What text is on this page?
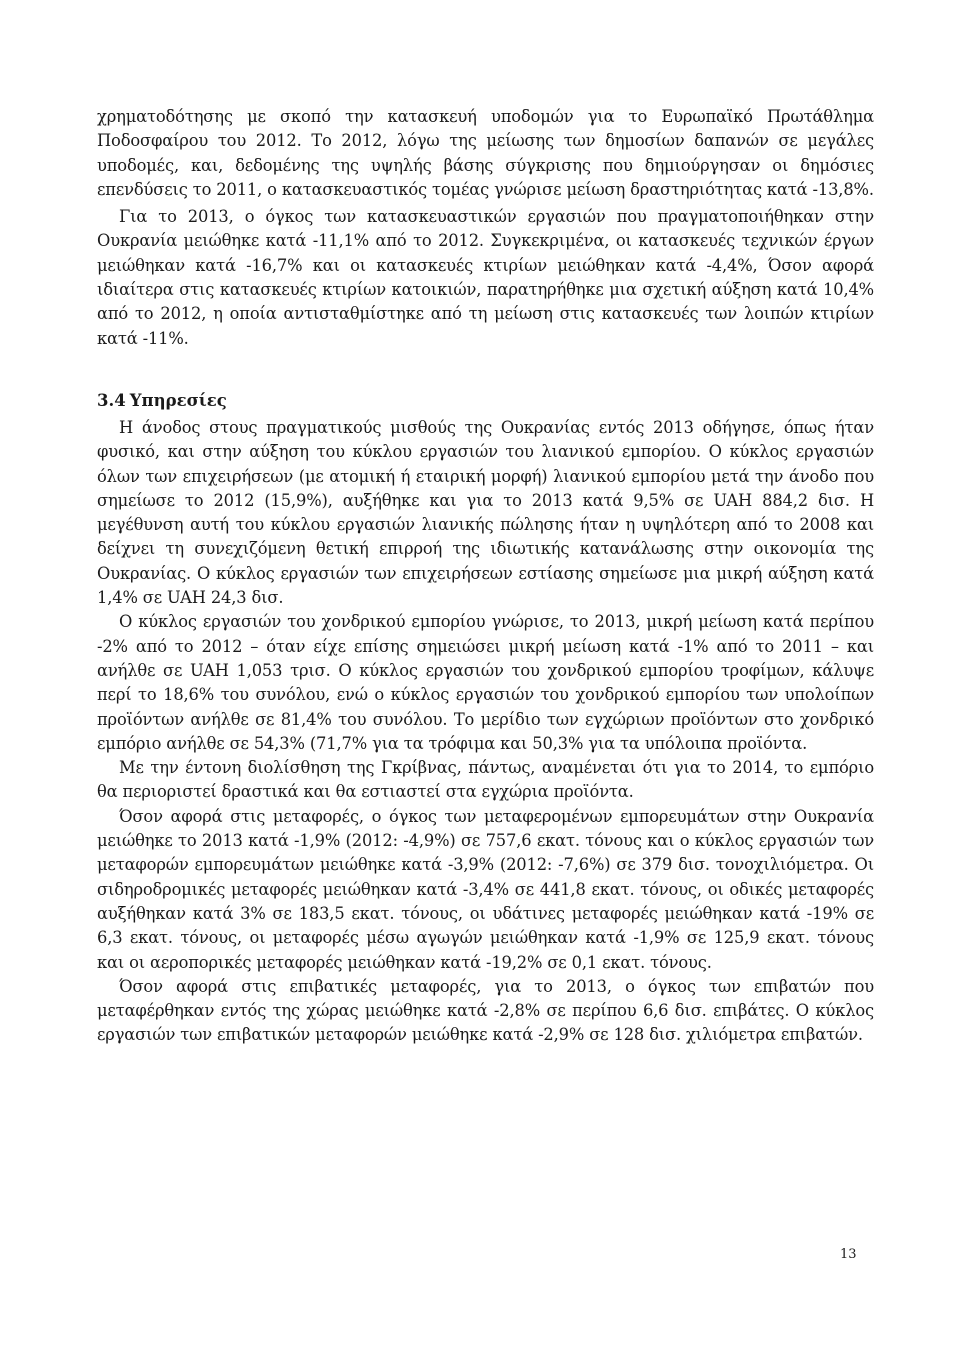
χρηματοδότησης με σκοπό την κατασκευή υποδομών για το Ευρωπαϊκό Πρωτάθλημα Ποδοσφαίρου του 2012. Το 2012, λόγω της μείωσης των δημοσίων δαπανών σε μεγάλες υποδομές, και, δεδομένης της υψηλής βάσης σύγκρισης που δημιούργησαν οι δημόσιες επενδύσεις το 2011, ο κατασκευαστικός τομέας γνώρισε μείωση δραστηριότητας κατά -13,8%.

Για το 2013, ο όγκος των κατασκευαστικών εργασιών που πραγματοποιήθηκαν στην Ουκρανία μειώθηκε κατά -11,1% από το 2012. Συγκεκριμένα, οι κατασκευές τεχνικών έργων μειώθηκαν κατά -16,7% και οι κατασκευές κτιρίων μειώθηκαν κατά -4,4%, Όσον αφορά ιδιαίτερα στις κατασκευές κτιρίων κατοικιών, παρατηρήθηκε μια σχετική αύξηση κατά 10,4% από το 2012, η οποία αντισταθμίστηκε από τη μείωση στις κατασκευές των λοιπών κτιρίων κατά -11%.

3.4 Υπηρεσίες

Η άνοδος στους πραγματικούς μισθούς της Ουκρανίας εντός 2013 οδήγησε, όπως ήταν φυσικό, και στην αύξηση του κύκλου εργασιών του λιανικού εμπορίου. Ο κύκλος εργασιών όλων των επιχειρήσεων (με ατομική ή εταιρική μορφή) λιανικού εμπορίου μετά την άνοδο που σημείωσε το 2012 (15,9%), αυξήθηκε και για το 2013 κατά 9,5% σε UAH 884,2 δισ. Η μεγέθυνση αυτή του κύκλου εργασιών λιανικής πώλησης ήταν η υψηλότερη από το 2008 και δείχνει τη συνεχιζόμενη θετική επιρροή της ιδιωτικής κατανάλωσης στην οικονομία της Ουκρανίας. Ο κύκλος εργασιών των επιχειρήσεων εστίασης σημείωσε μια μικρή αύξηση κατά 1,4% σε UAH 24,3 δισ.

Ο κύκλος εργασιών του χονδρικού εμπορίου γνώρισε, το 2013, μικρή μείωση κατά περίπου -2% από το 2012 – όταν είχε επίσης σημειώσει μικρή μείωση κατά -1% από το 2011 – και ανήλθε σε UAH 1,053 τρισ. Ο κύκλος εργασιών του χονδρικού εμπορίου τροφίμων, κάλυψε περί το 18,6% του συνόλου, ενώ ο κύκλος εργασιών του χονδρικού εμπορίου των υπολοίπων προϊόντων ανήλθε σε 81,4% του συνόλου. Το μερίδιο των εγχώριων προϊόντων στο χονδρικό εμπόριο ανήλθε σε 54,3% (71,7% για τα τρόφιμα και 50,3% για τα υπόλοιπα προϊόντα.

Με την έντονη διολίσθηση της Γκρίβνας, πάντως, αναμένεται ότι για το 2014, το εμπόριο θα περιοριστεί δραστικά και θα εστιαστεί στα εγχώρια προϊόντα.

Όσον αφορά στις μεταφορές, ο όγκος των μεταφερομένων εμπορευμάτων στην Ουκρανία μειώθηκε το 2013 κατά -1,9% (2012: -4,9%) σε 757,6 εκατ. τόνους και ο κύκλος εργασιών των μεταφορών εμπορευμάτων μειώθηκε κατά -3,9% (2012: -7,6%) σε 379 δισ. τονοχιλιόμετρα. Οι σιδηροδρομικές μεταφορές μειώθηκαν κατά -3,4% σε 441,8 εκατ. τόνους, οι οδικές μεταφορές αυξήθηκαν κατά 3% σε 183,5 εκατ. τόνους, οι υδάτινες μεταφορές μειώθηκαν κατά -19% σε 6,3 εκατ. τόνους, οι μεταφορές μέσω αγωγών μειώθηκαν κατά -1,9% σε 125,9 εκατ. τόνους και οι αεροπορικές μεταφορές μειώθηκαν κατά -19,2% σε 0,1 εκατ. τόνους.

Όσον αφορά στις επιβατικές μεταφορές, για το 2013, ο όγκος των επιβατών που μεταφέρθηκαν εντός της χώρας μειώθηκε κατά -2,8% σε περίπου 6,6 δισ. επιβάτες. Ο κύκλος εργασιών των επιβατικών μεταφορών μειώθηκε κατά -2,9% σε 128 δισ. χιλιόμετρα επιβατών.

13
